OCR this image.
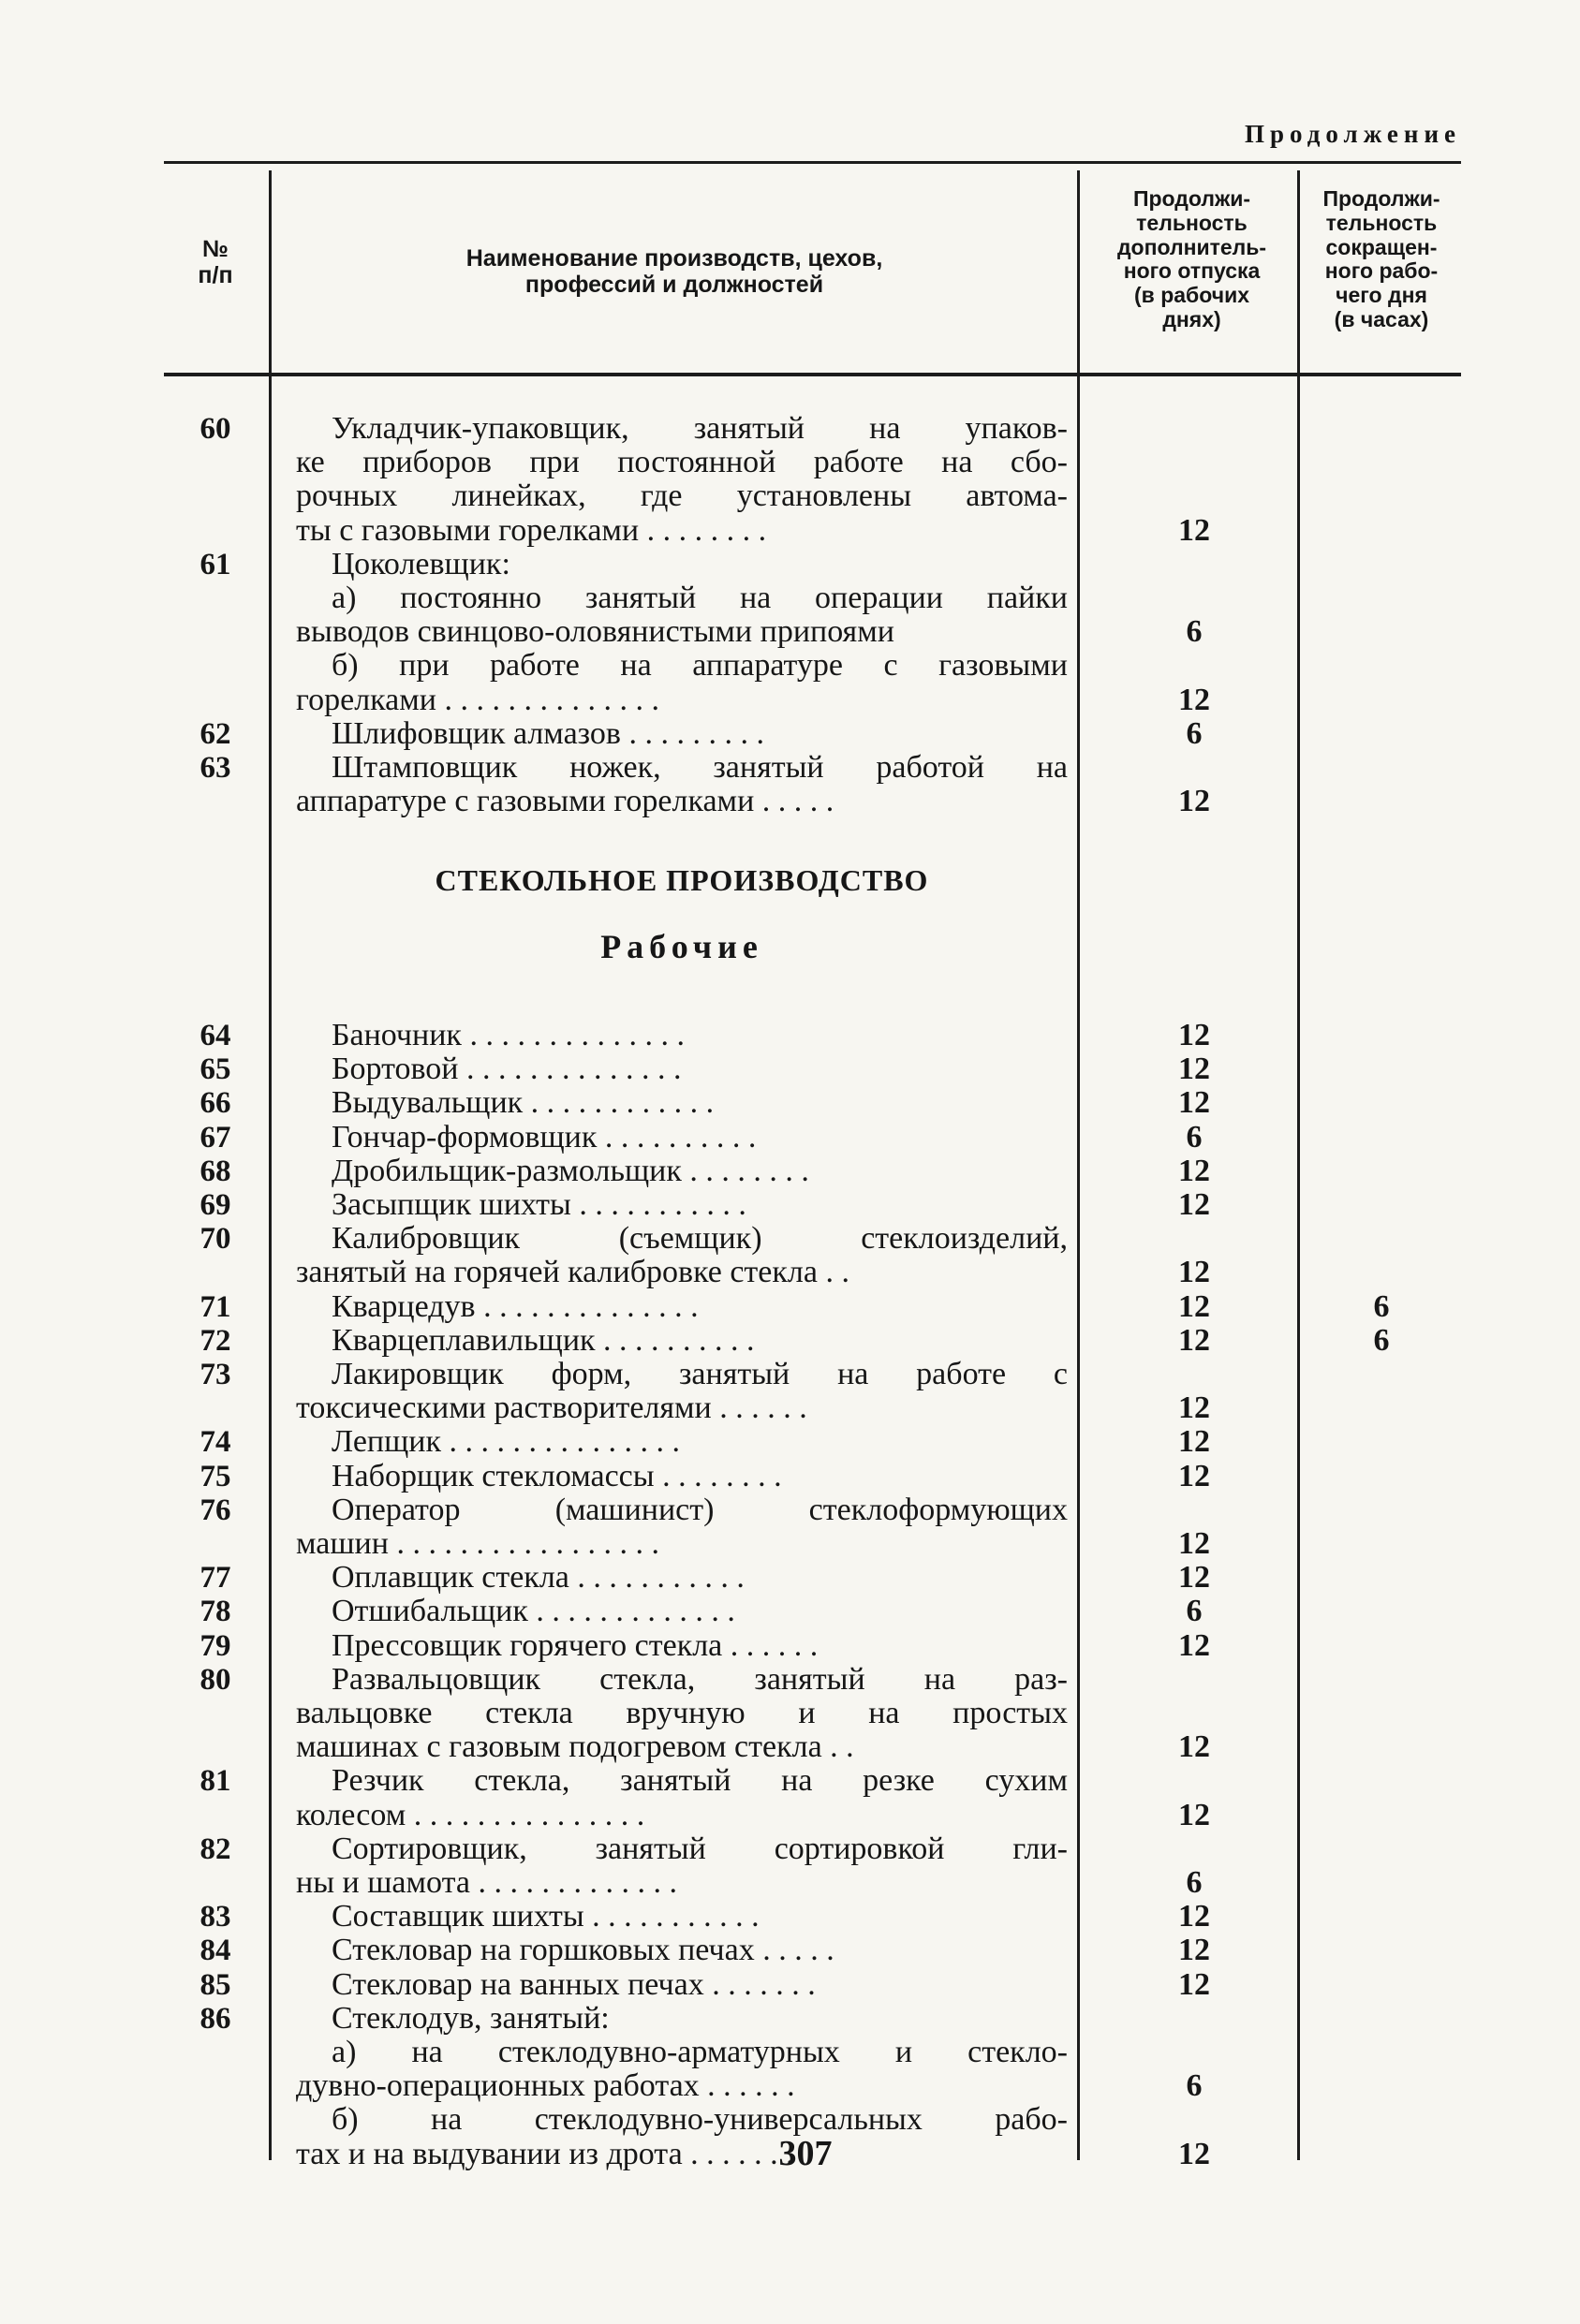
Продолжение
№
п/п
Наименование производств, цехов,
профессий и должностей
Продолжи-
тельность
дополнитель-
ного отпуска
(в рабочих
днях)
Продолжи-
тельность
сокращен-
ного рабо-
чего дня
(в часах)
60	Укладчик-упаковщик, занятый на упаков-
ке приборов при постоянной работе на сбо-
рочных линейках, где установлены автома-
ты с газовыми горелками . . . . . . . .	12
61	Цоколевщик:
а) постоянно занятый на операции пайки
выводов свинцово-оловянистыми припоями	6
б) при работе на аппаратуре с газовыми
горелками . . . . . . . . . . . . . .	12
62	Шлифовщик алмазов . . . . . . . . .	6
63	Штамповщик ножек, занятый работой на
аппаратуре с газовыми горелками . . . . .	12
СТЕКОЛЬНОЕ ПРОИЗВОДСТВО
Рабочие
64	Баночник . . . . . . . . . . . . . .	12
65	Бортовой . . . . . . . . . . . . . .	12
66	Выдувальщик . . . . . . . . . . . .	12
67	Гончар-формовщик . . . . . . . . . .	6
68	Дробильщик-размольщик . . . . . . . .	12
69	Засыпщик шихты . . . . . . . . . . .	12
70	Калибровщик (съемщик) стеклоизделий,
занятый на горячей калибровке стекла . .	12
71	Кварцедув . . . . . . . . . . . . . .	12	6
72	Кварцеплавильщик . . . . . . . . . .	12	6
73	Лакировщик форм, занятый на работе с
токсическими растворителями . . . . . .	12
74	Лепщик . . . . . . . . . . . . . . .	12
75	Наборщик стекломассы . . . . . . . .	12
76	Оператор (машинист) стеклоформующих
машин . . . . . . . . . . . . . . . . .	12
77	Оплавщик стекла . . . . . . . . . . .	12
78	Отшибальщик . . . . . . . . . . . . .	6
79	Прессовщик горячего стекла . . . . . .	12
80	Развальцовщик стекла, занятый на раз-
вальцовке стекла вручную и на простых
машинах с газовым подогревом стекла . .	12
81	Резчик стекла, занятый на резке сухим
колесом . . . . . . . . . . . . . . .	12
82	Сортировщик, занятый сортировкой гли-
ны и шамота . . . . . . . . . . . . .	6
83	Составщик шихты . . . . . . . . . . .	12
84	Стекловар на горшковых печах . . . . .	12
85	Стекловар на ванных печах . . . . . . .	12
86	Стеклодув, занятый:
а) на стеклодувно-арматурных и стекло-
дувно-операционных работах . . . . . .	6
б) на стеклодувно-универсальных рабо-
тах и на выдувании из дрота . . . . . . .	12
307
